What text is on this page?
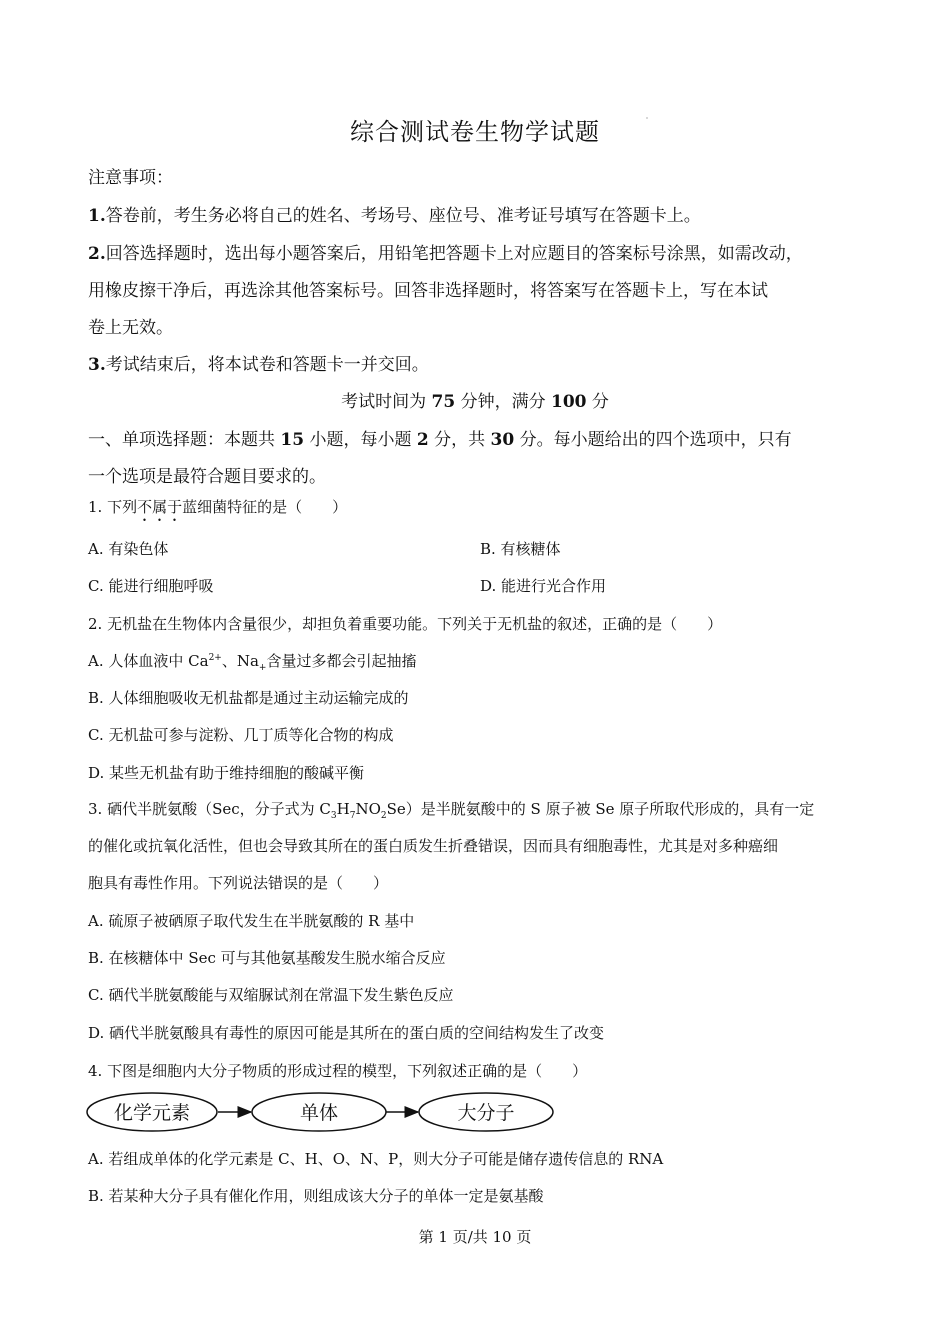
综合测试卷生物学试题
注意事项：
1.答卷前，考生务必将自己的姓名、考场号、座位号、准考证号填写在答题卡上。
2.回答选择题时，选出每小题答案后，用铅笔把答题卡上对应题目的答案标号涂黑，如需改动，
用橡皮擦干净后，再选涂其他答案标号。回答非选择题时，将答案写在答题卡上，写在本试
卷上无效。
3.考试结束后，将本试卷和答题卡一并交回。
考试时间为 75 分钟，满分 100 分
一、单项选择题：本题共 15 小题，每小题 2 分，共 30 分。每小题给出的四个选项中，只有
一个选项是最符合题目要求的。
1. 下列不属于蓝细菌特征的是（　　）
A. 有染色体	B. 有核糖体
C. 能进行细胞呼吸	D. 能进行光合作用
2. 无机盐在生物体内含量很少，却担负着重要功能。下列关于无机盐的叙述，正确的是（　　）
A. 人体血液中 $Ca^{2+}$、$Na_+$含量过多都会引起抽搐
B. 人体细胞吸收无机盐都是通过主动运输完成的
C. 无机盐可参与淀粉、几丁质等化合物的构成
D. 某些无机盐有助于维持细胞的酸碱平衡
3. 硒代半胱氨酸（Sec，分子式为 $C_3H_7NO_2Se$）是半胱氨酸中的 S 原子被 Se 原子所取代形成的，具有一定
的催化或抗氧化活性，但也会导致其所在的蛋白质发生折叠错误，因而具有细胞毒性，尤其是对多种癌细
胞具有毒性作用。下列说法错误的是（　　）
A. 硫原子被硒原子取代发生在半胱氨酸的 R 基中
B. 在核糖体中 Sec 可与其他氨基酸发生脱水缩合反应
C. 硒代半胱氨酸能与双缩脲试剂在常温下发生紫色反应
D. 硒代半胱氨酸具有毒性的原因可能是其所在的蛋白质的空间结构发生了改变
4. 下图是细胞内大分子物质的形成过程的模型，下列叙述正确的是（　　）
化学元素	单体	大分子
A. 若组成单体的化学元素是 C、H、O、N、P，则大分子可能是储存遗传信息的 RNA
B. 若某种大分子具有催化作用，则组成该大分子的单体一定是氨基酸
第 1 页/共 10 页
